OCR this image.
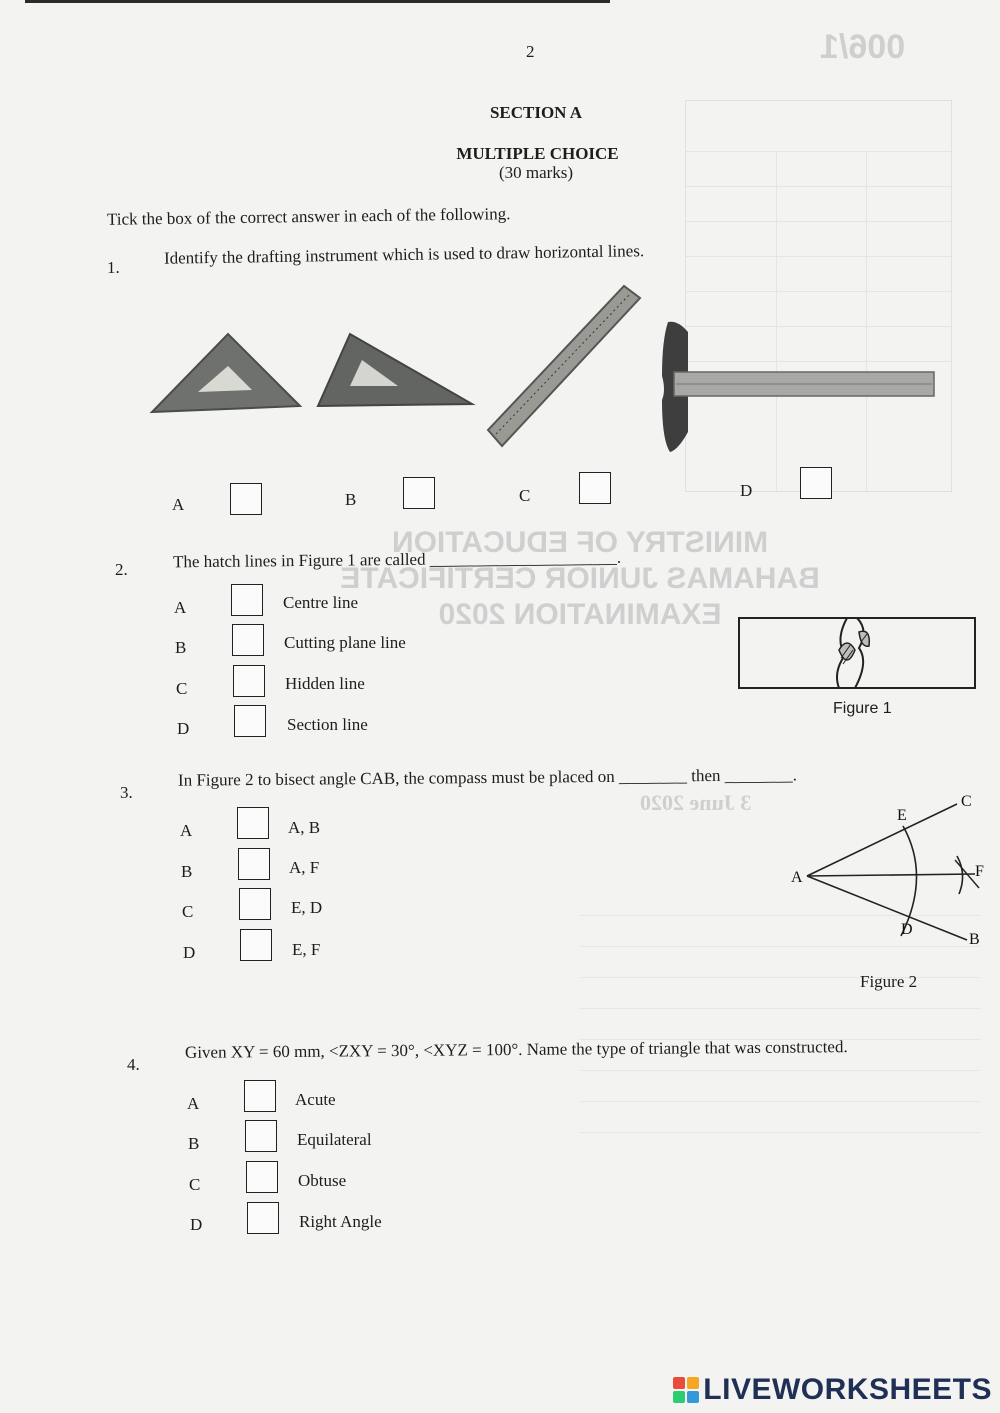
MINISTRY OF EDUCATION
BAHAMAS JUNIOR CERTIFICATE
EXAMINATION 2020
006/1
3 June 2020
2
SECTION A
MULTIPLE CHOICE
(30 marks)
Tick the box of the correct answer in each of the following.
1.	Identify the drafting instrument which is used to draw horizontal lines.
A	B	C	D
2.	The hatch lines in Figure 1 are called ______________________.
A	Centre line
B	Cutting plane line
C	Hidden line
D	Section line
Figure 1
3.
In Figure 2 to bisect angle CAB, the compass must be placed on ________ then ________.
A	A, B
B	A, F
C	E, D
D	E, F
A
E
C
F
D
B
Figure 2
4.
Given XY = 60 mm, <ZXY = 30°, <XYZ = 100°. Name the type of triangle that was constructed.
A	Acute
B	Equilateral
C	Obtuse
D	Right Angle
LIVEWORKSHEETS
